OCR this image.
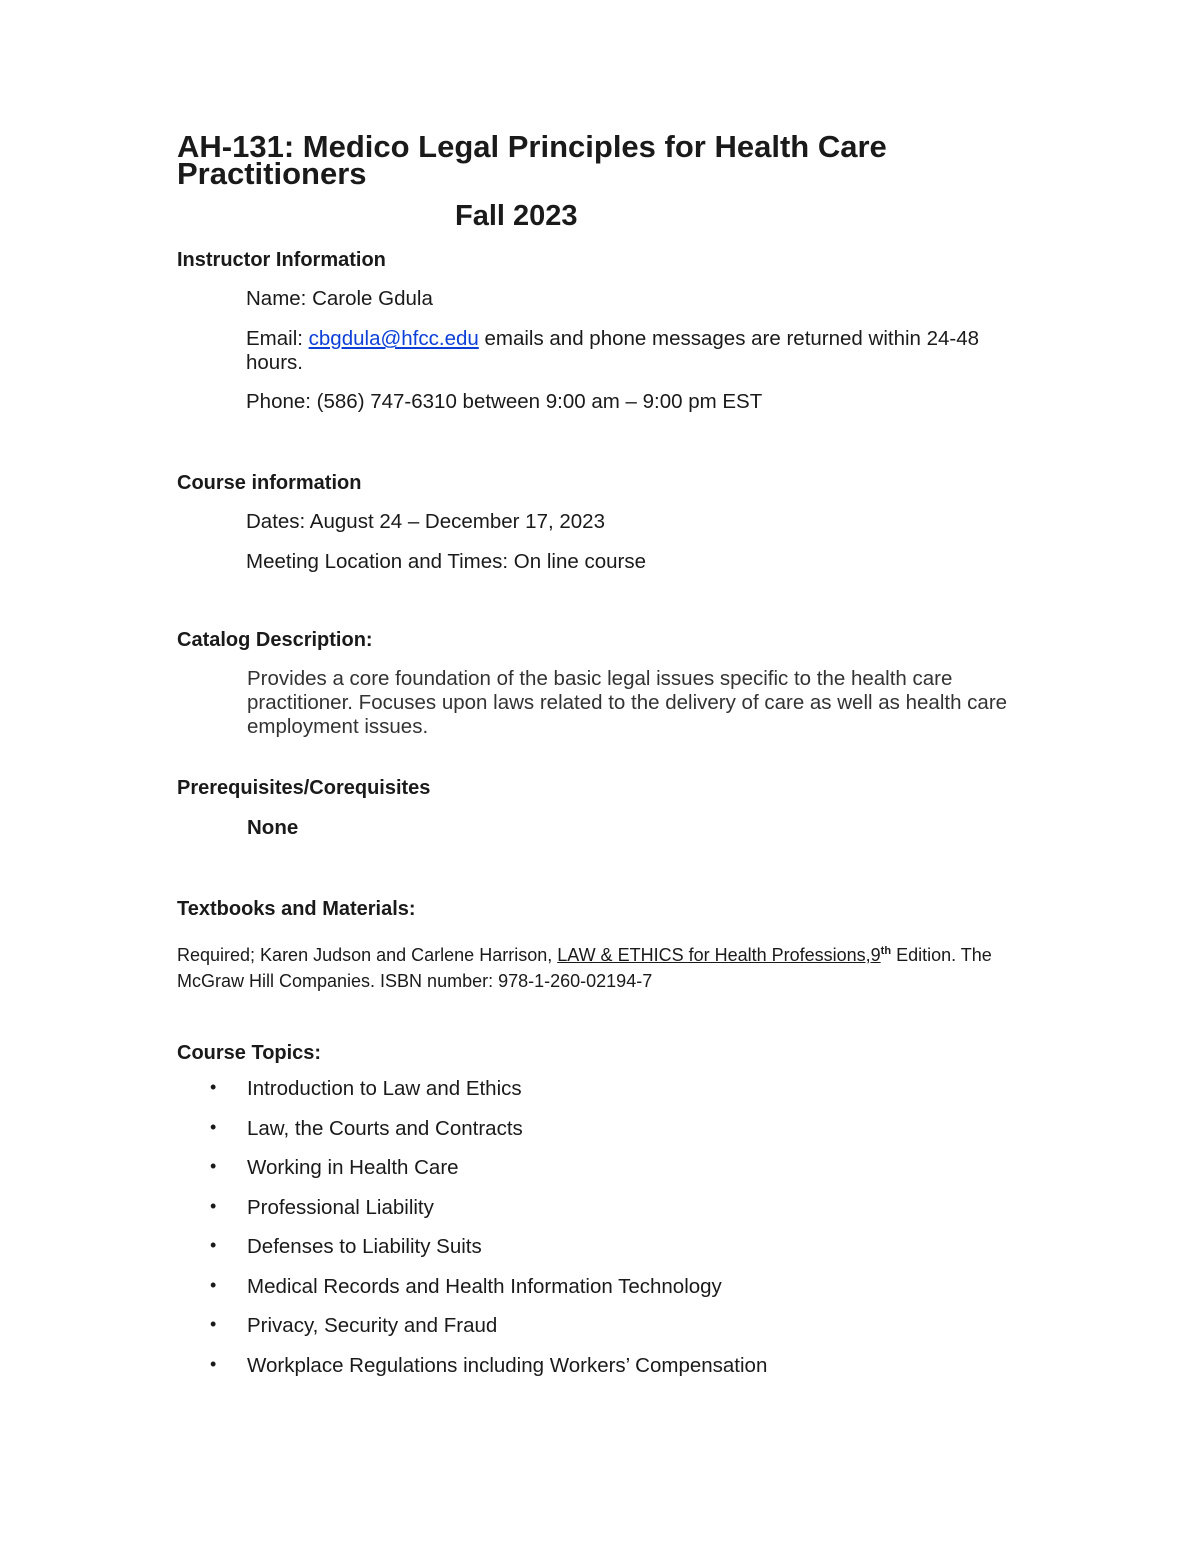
AH-131: Medico Legal Principles for Health Care Practitioners
Fall 2023
Instructor Information
Name: Carole Gdula
Email: cbgdula@hfcc.edu emails and phone messages are returned within 24-48 hours.
Phone: (586) 747-6310 between 9:00 am – 9:00 pm EST
Course information
Dates: August 24 – December 17, 2023
Meeting Location and Times: On line course
Catalog Description:
Provides a core foundation of the basic legal issues specific to the health care practitioner. Focuses upon laws related to the delivery of care as well as health care employment issues.
Prerequisites/Corequisites
None
Textbooks and Materials:
Required; Karen Judson and Carlene Harrison, LAW & ETHICS for Health Professions,9th Edition. The McGraw Hill Companies. ISBN number: 978-1-260-02194-7
Course Topics:
•	Introduction to Law and Ethics
•	Law, the Courts and Contracts
•	Working in Health Care
•	Professional Liability
•	Defenses to Liability Suits
•	Medical Records and Health Information Technology
•	Privacy, Security and Fraud
•	Workplace Regulations including Workers’ Compensation
